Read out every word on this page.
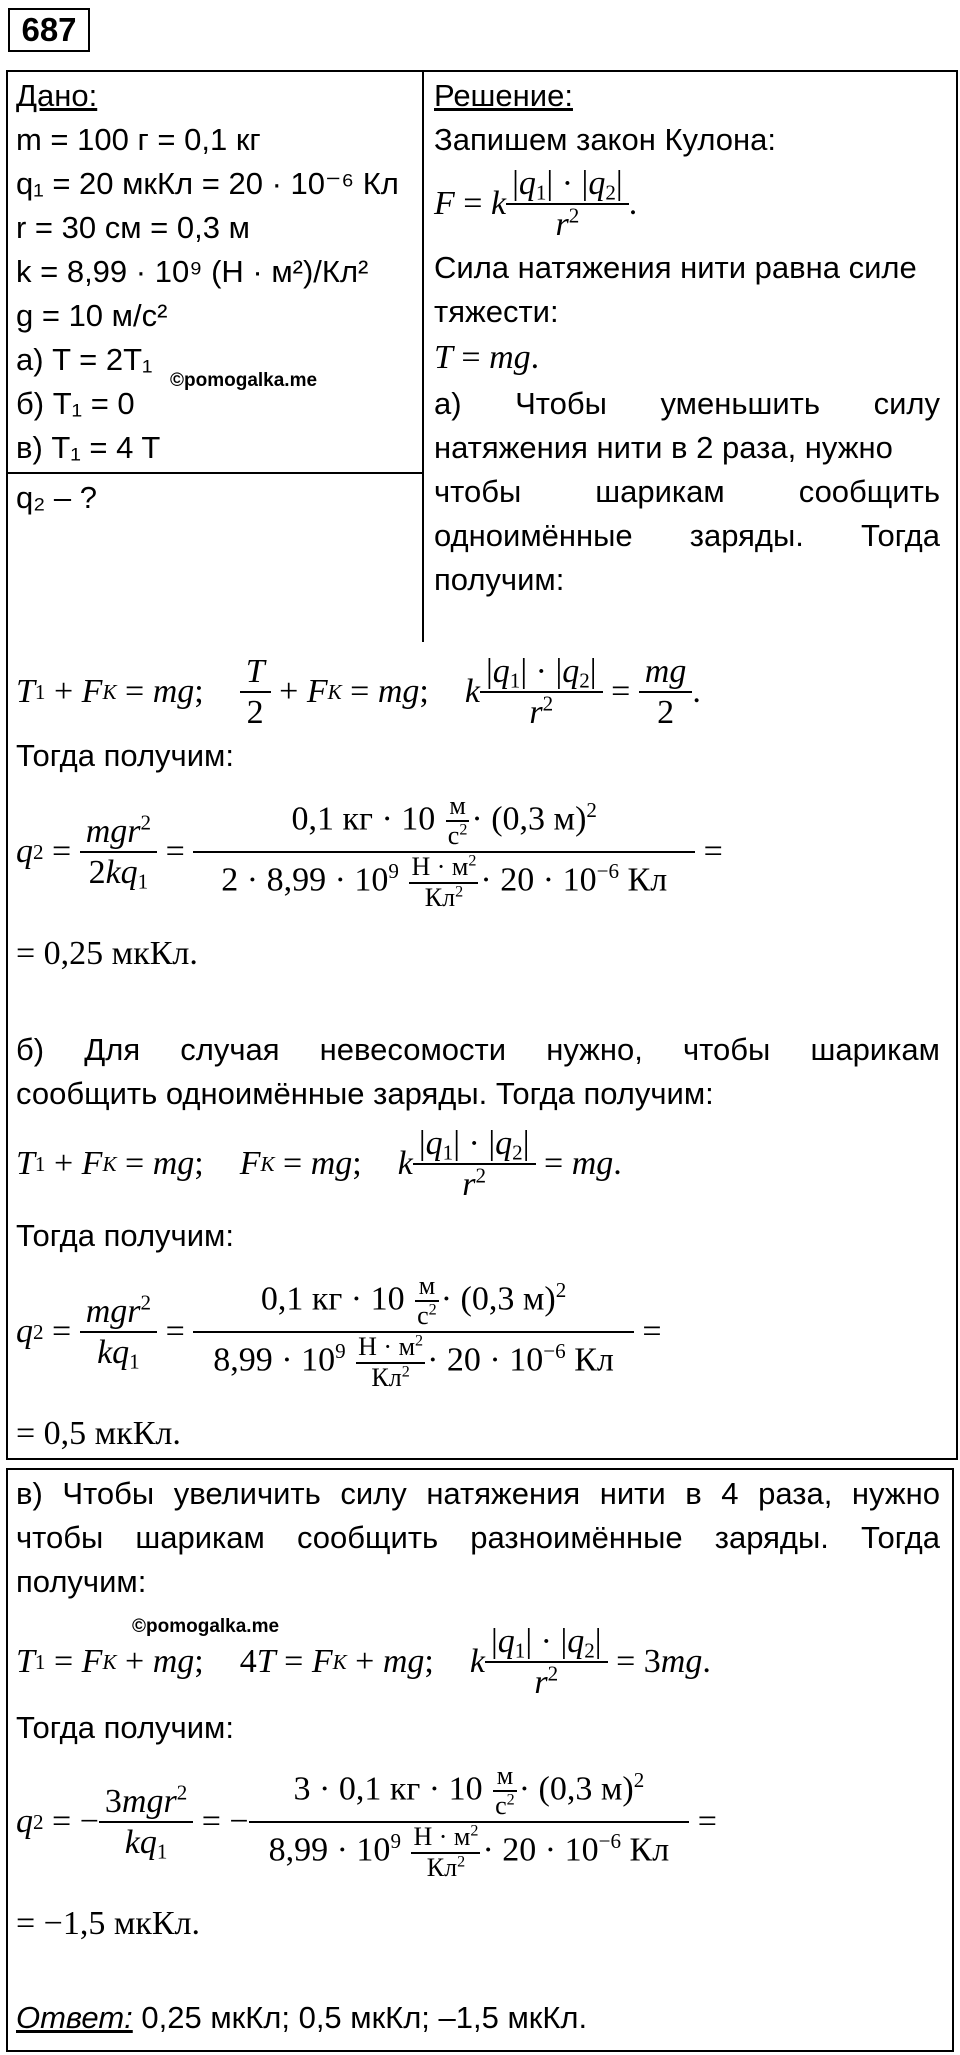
687
Дано:
m = 100 г = 0,1 кг
q₁ = 20 мкКл = 20 · 10⁻⁶ Кл
r = 30 см = 0,3 м
k = 8,99 · 10⁹ (Н · м²)/Кл²
g = 10 м/с²
а) T = 2T₁
б) T₁ = 0
в) T₁ = 4 T
©pomogalka.me
q₂ – ?
Решение:
Запишем закон Кулона:
F = k $\frac{|q_1| \cdot |q_2|}{r^2}$ .
Сила натяжения нити равна силе
тяжести:
T = mg.
а) Чтобы уменьшить силу
натяжения нити в 2 раза, нужно
чтобы шарикам сообщить
одноимённые заряды. Тогда
получим:
T 1 + F K = mg ; $\frac{T}{2} + F$ K = mg ; k $\frac{|q_1| \cdot |q_2|}{r^2} = \frac{mg}{2}$ .
Тогда получим:
q $2 = \frac{mgr^2}{2kq_1} = 0,1$ кг · 10 м
$с^2 \cdot (0,3$ м)$^2$
$2 \cdot 8,99 \cdot 10^9$ $Н \cdot м^2$
$Кл^2 \cdot 20 \cdot 10^{-6}$ Кл =
= 0,25 мкКл.
б) Для случая невесомости нужно, чтобы шарикам
сообщить одноимённые заряды. Тогда получим:
T 1 + F K = mg ; F K = mg ; k $\frac{|q_1| \cdot |q_2|}{r^2}$ = mg .
Тогда получим:
q $2 = \frac{mgr^2}{kq_1} = 0,1$ кг · 10 м
$с^2 \cdot (0,3$ м)$^2$
$8,99 \cdot 10^9$ $Н \cdot м^2$
$Кл^2 \cdot 20 \cdot 10^{-6}$ Кл =
= 0,5 мкКл.
в) Чтобы увеличить силу натяжения нити в 4 раза, нужно
чтобы шарикам сообщить разноимённые заряды. Тогда
получим:
©pomogalka.me
T 1 = F K + mg ;
4 T = F K + mg ; k $\frac{|q_1| \cdot |q_2|}{r^2} = 3$ mg .
Тогда получим:
q 2 = − $\frac{3mgr^2}{kq_1}$ = − 3 · 0,1 кг · 10 м
$с^2 \cdot (0,3$ м)$^2$
$8,99 \cdot 10^9$ $Н \cdot м^2$
$Кл^2 \cdot 20 \cdot 10^{-6}$ Кл =
= −1,5 мкКл.
Ответ: 0,25 мкКл; 0,5 мкКл; –1,5 мкКл.
